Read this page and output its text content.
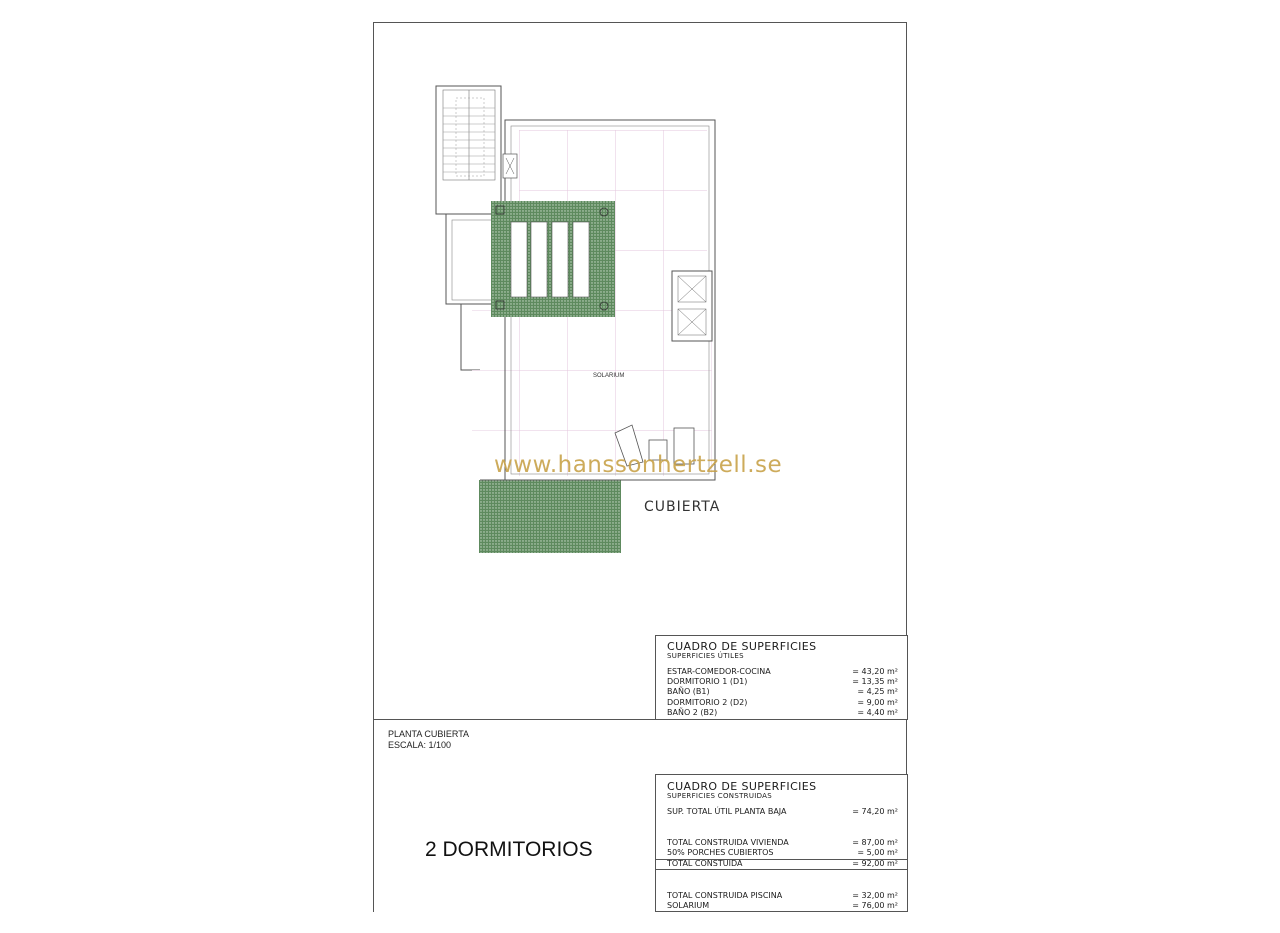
SOLARIUM
www.hanssonhertzell.se
CUBIERTA
PLANTA CUBIERTA
ESCALA: 1/100
2 DORMITORIOS
CUADRO DE SUPERFICIES
SUPERFICIES ÚTILES
ESTAR-COMEDOR-COCINA	= 43,20 m²
DORMITORIO 1 (D1)	= 13,35 m²
BAÑO (B1)	= 4,25 m²
DORMITORIO 2 (D2)	= 9,00 m²
BAÑO 2 (B2)	= 4,40 m²
CUADRO DE SUPERFICIES
SUPERFICIES CONSTRUIDAS
SUP. TOTAL ÚTIL PLANTA BAJA	= 74,20 m²
TOTAL CONSTRUIDA VIVIENDA	= 87,00 m²
50% PORCHES CUBIERTOS	= 5,00 m²
TOTAL CONSTUIDA	= 92,00 m²
TOTAL CONSTRUIDA PISCINA	= 32,00 m²
SOLARIUM	= 76,00 m²
